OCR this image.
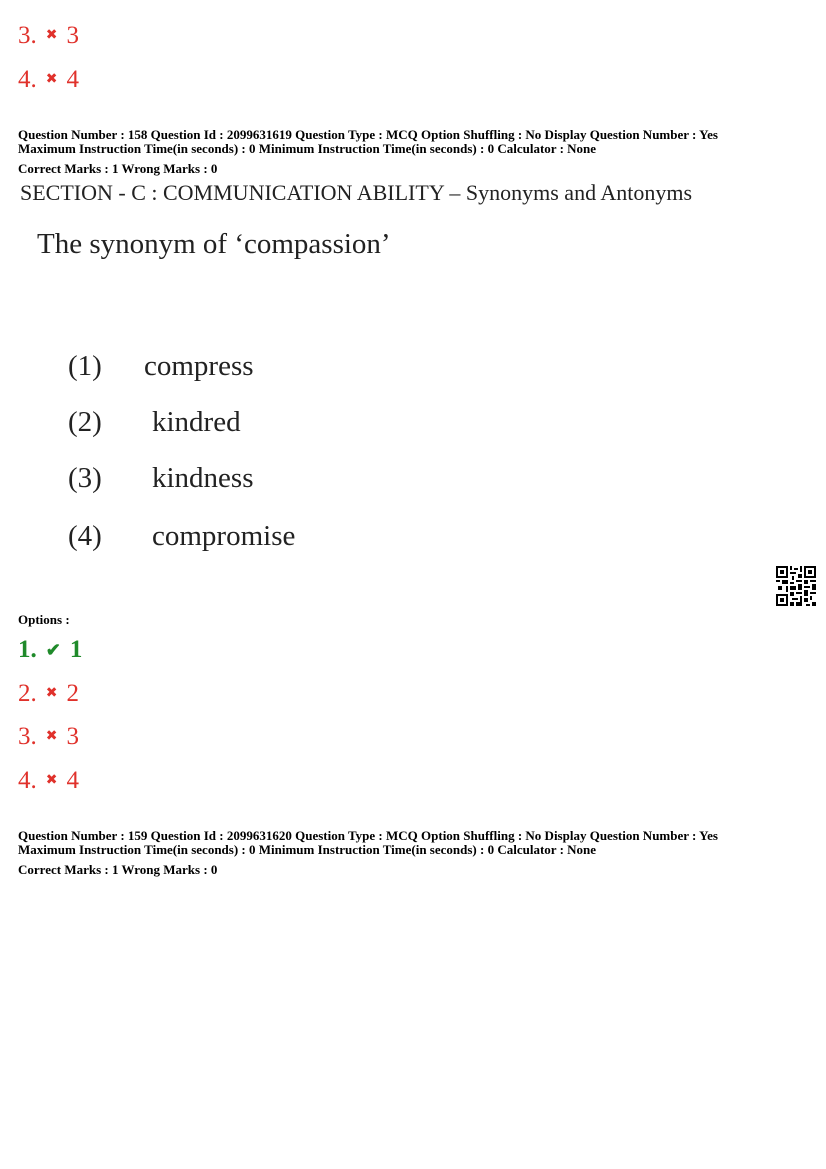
3. ✖ 3
4. ✖ 4
Question Number : 158 Question Id : 2099631619 Question Type : MCQ Option Shuffling : No Display Question Number : Yes
Maximum Instruction Time(in seconds) : 0 Minimum Instruction Time(in seconds) : 0 Calculator : None
Correct Marks : 1 Wrong Marks : 0
SECTION - C : COMMUNICATION ABILITY – Synonyms and Antonyms
The synonym of ‘compassion’
(1) compress
(2) kindred
(3) kindness
(4) compromise
Options :
1. ✔ 1
2. ✖ 2
3. ✖ 3
4. ✖ 4
Question Number : 159 Question Id : 2099631620 Question Type : MCQ Option Shuffling : No Display Question Number : Yes
Maximum Instruction Time(in seconds) : 0 Minimum Instruction Time(in seconds) : 0 Calculator : None
Correct Marks : 1 Wrong Marks : 0
